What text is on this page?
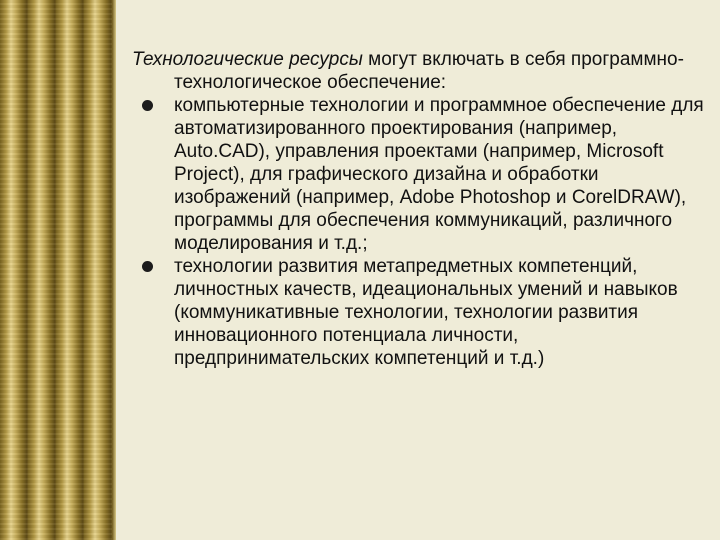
Технологические ресурсы могут включать в себя программно-технологическое обеспечение:

компьютерные технологии и программное обеспечение для автоматизированного проектирования (например, Auto.CAD), управления проектами (например, Microsoft Project), для графического дизайна и обработки изображений (например, Adobe Photoshop и CorelDRAW), программы для обеспечения коммуникаций, различного моделирования и т.д.;
технологии развития метапредметных компетенций, личностных качеств, идеациональных умений и навыков (коммуникативные технологии, технологии развития инновационного потенциала личности, предпринимательских компетенций и т.д.)
